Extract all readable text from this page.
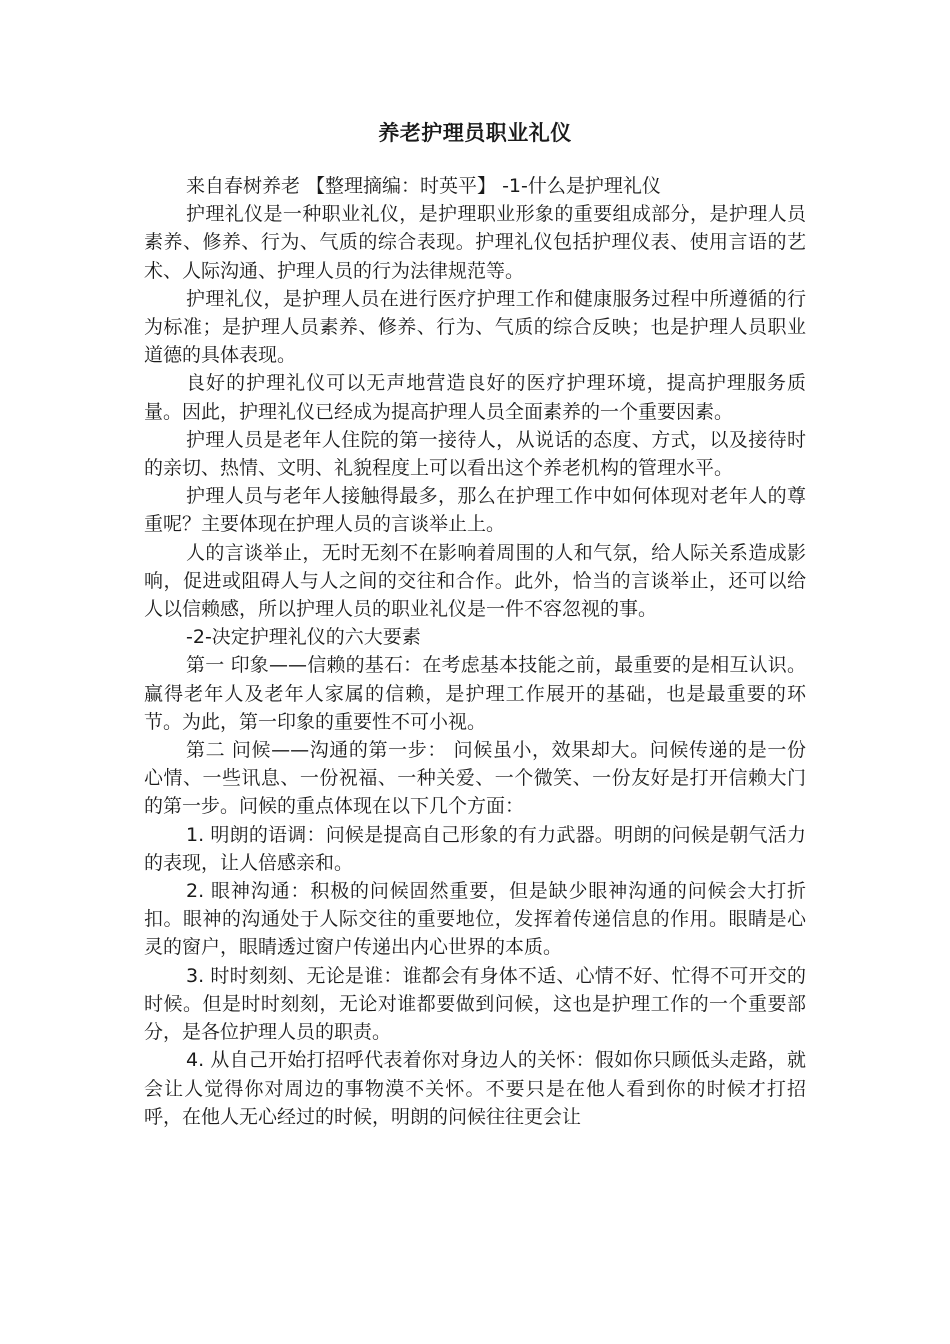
养老护理员职业礼仪

来自春树养老 【整理摘编：时英平】 -1-什么是护理礼仪

护理礼仪是一种职业礼仪，是护理职业形象的重要组成部分，是护理人员素养、修养、行为、气质的综合表现。护理礼仪包括护理仪表、使用言语的艺术、人际沟通、护理人员的行为法律规范等。

护理礼仪，是护理人员在进行医疗护理工作和健康服务过程中所遵循的行为标准；是护理人员素养、修养、行为、气质的综合反映；也是护理人员职业道德的具体表现。

良好的护理礼仪可以无声地营造良好的医疗护理环境，提高护理服务质量。因此，护理礼仪已经成为提高护理人员全面素养的一个重要因素。

护理人员是老年人住院的第一接待人，从说话的态度、方式，以及接待时的亲切、热情、文明、礼貌程度上可以看出这个养老机构的管理水平。

护理人员与老年人接触得最多，那么在护理工作中如何体现对老年人的尊重呢？主要体现在护理人员的言谈举止上。

人的言谈举止，无时无刻不在影响着周围的人和气氛，给人际关系造成影响，促进或阻碍人与人之间的交往和合作。此外，恰当的言谈举止，还可以给人以信赖感，所以护理人员的职业礼仪是一件不容忽视的事。

-2-决定护理礼仪的六大要素

第一 印象——信赖的基石：在考虑基本技能之前，最重要的是相互认识。赢得老年人及老年人家属的信赖，是护理工作展开的基础，也是最重要的环节。为此，第一印象的重要性不可小视。

第二 问候——沟通的第一步： 问候虽小，效果却大。问候传递的是一份心情、一些讯息、一份祝福、一种关爱、一个微笑、一份友好是打开信赖大门的第一步。问候的重点体现在以下几个方面：

1. 明朗的语调：问候是提高自己形象的有力武器。明朗的问候是朝气活力的表现，让人倍感亲和。

2. 眼神沟通：积极的问候固然重要，但是缺少眼神沟通的问候会大打折扣。眼神的沟通处于人际交往的重要地位，发挥着传递信息的作用。眼睛是心灵的窗户，眼睛透过窗户传递出内心世界的本质。

3. 时时刻刻、无论是谁：谁都会有身体不适、心情不好、忙得不可开交的时候。但是时时刻刻，无论对谁都要做到问候，这也是护理工作的一个重要部分，是各位护理人员的职责。

4. 从自己开始打招呼代表着你对身边人的关怀：假如你只顾低头走路，就会让人觉得你对周边的事物漠不关怀。不要只是在他人看到你的时候才打招呼，在他人无心经过的时候，明朗的问候往往更会让
